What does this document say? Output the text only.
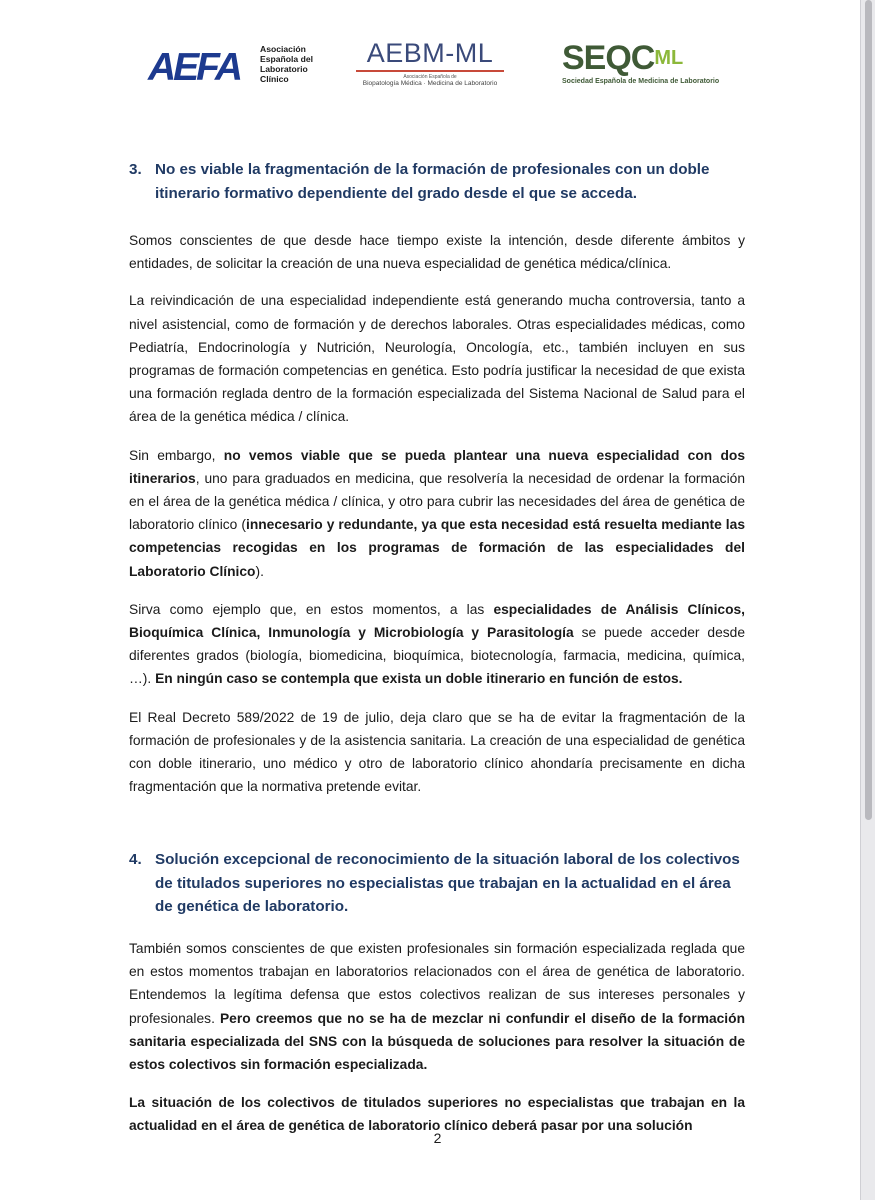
AEFA Asociación
Española del
Laboratorio
Clínico
AEBM-ML
Asociación Española de
Biopatología Médica · Medicina de Laboratorio
$SEQC^{ML}$
Sociedad Española de Medicina de Laboratorio
3. No es viable la fragmentación de la formación de profesionales con un doble itinerario formativo dependiente del grado desde el que se acceda.

Somos conscientes de que desde hace tiempo existe la intención, desde diferente ámbitos y entidades, de solicitar la creación de una nueva especialidad de genética médica/clínica.

La reivindicación de una especialidad independiente está generando mucha controversia, tanto a nivel asistencial, como de formación y de derechos laborales. Otras especialidades médicas, como Pediatría, Endocrinología y Nutrición, Neurología, Oncología, etc., también incluyen en sus programas de formación competencias en genética. Esto podría justificar la necesidad de que exista una formación reglada dentro de la formación especializada del Sistema Nacional de Salud para el área de la genética médica / clínica.

Sin embargo, no vemos viable que se pueda plantear una nueva especialidad con dos itinerarios, uno para graduados en medicina, que resolvería la necesidad de ordenar la formación en el área de la genética médica / clínica, y otro para cubrir las necesidades del área de genética de laboratorio clínico (innecesario y redundante, ya que esta necesidad está resuelta mediante las competencias recogidas en los programas de formación de las especialidades del Laboratorio Clínico).

Sirva como ejemplo que, en estos momentos, a las especialidades de Análisis Clínicos, Bioquímica Clínica, Inmunología y Microbiología y Parasitología se puede acceder desde diferentes grados (biología, biomedicina, bioquímica, biotecnología, farmacia, medicina, química, …). En ningún caso se contempla que exista un doble itinerario en función de estos.

El Real Decreto 589/2022 de 19 de julio, deja claro que se ha de evitar la fragmentación de la formación de profesionales y de la asistencia sanitaria. La creación de una especialidad de genética con doble itinerario, uno médico y otro de laboratorio clínico ahondaría precisamente en dicha fragmentación que la normativa pretende evitar.

4. Solución excepcional de reconocimiento de la situación laboral de los colectivos de titulados superiores no especialistas que trabajan en la actualidad en el área de genética de laboratorio.

También somos conscientes de que existen profesionales sin formación especializada reglada que en estos momentos trabajan en laboratorios relacionados con el área de genética de laboratorio. Entendemos la legítima defensa que estos colectivos realizan de sus intereses personales y profesionales. Pero creemos que no se ha de mezclar ni confundir el diseño de la formación sanitaria especializada del SNS con la búsqueda de soluciones para resolver la situación de estos colectivos sin formación especializada.

La situación de los colectivos de titulados superiores no especialistas que trabajan en la actualidad en el área de genética de laboratorio clínico deberá pasar por una solución

2
